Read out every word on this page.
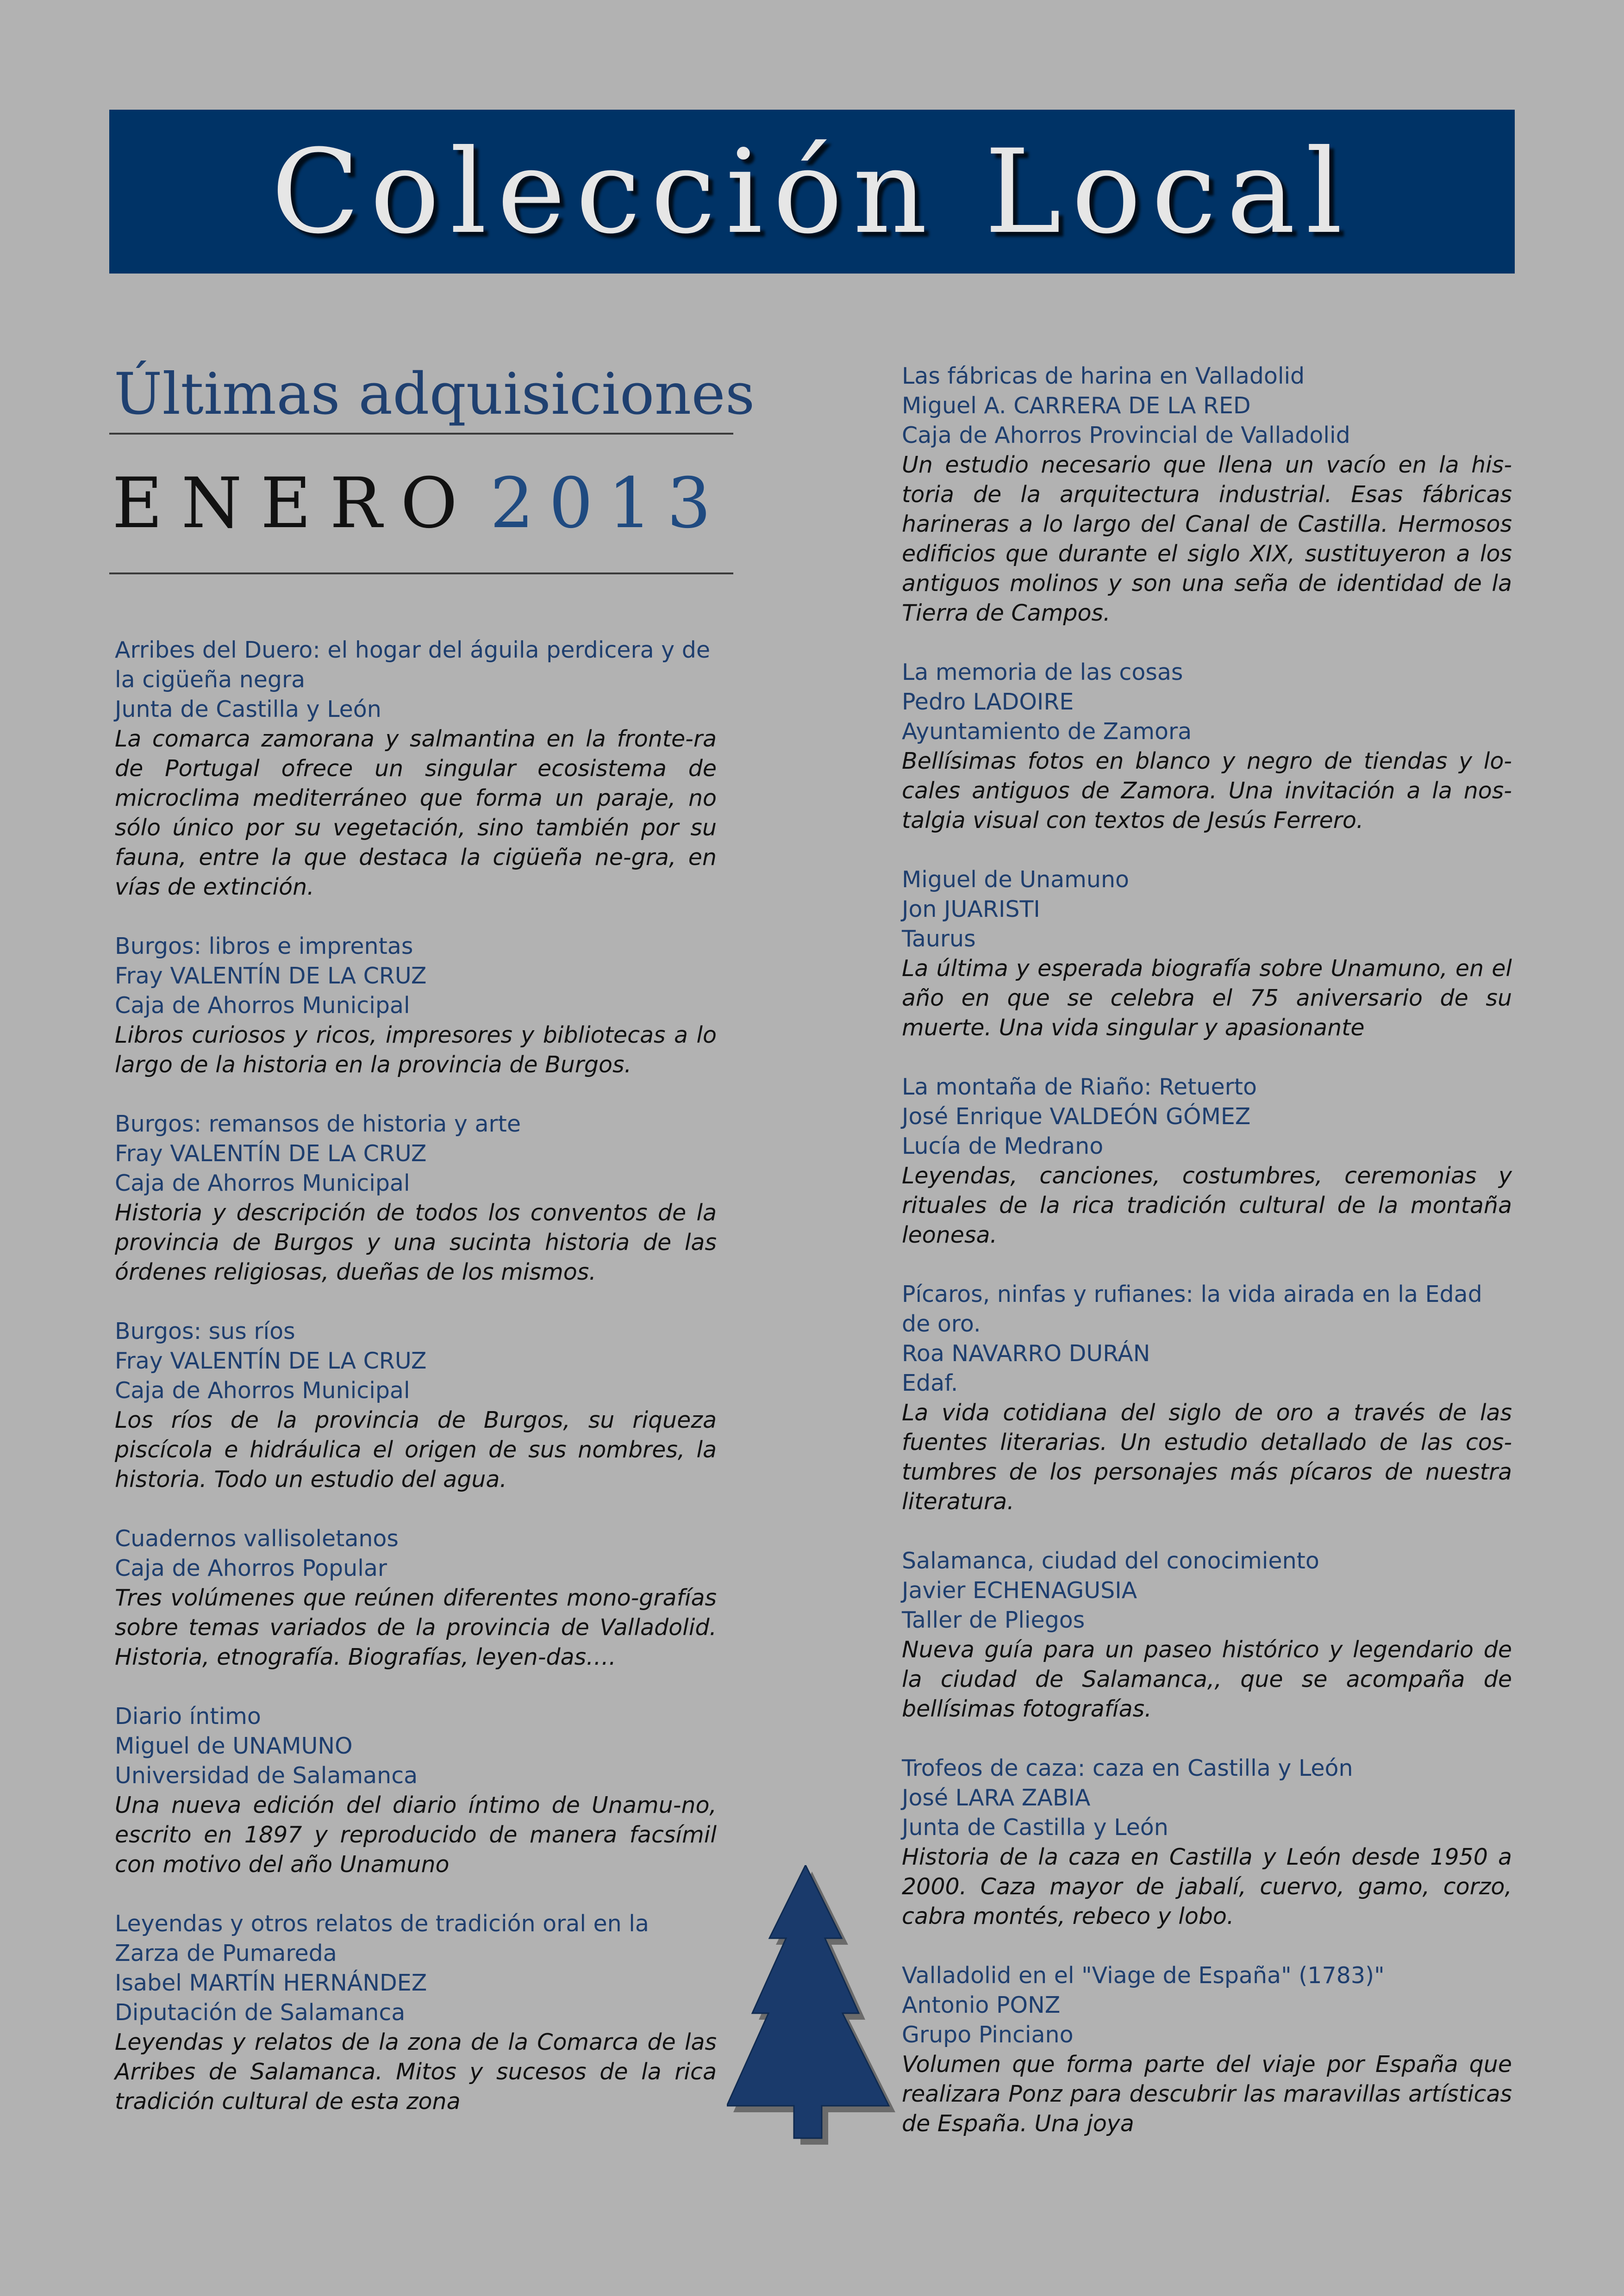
Colección Local
Últimas adquisiciones
ENERO 2013
Arribes del Duero: el hogar del águila perdicera y de la cigüeña negra
Junta de Castilla y León
La comarca zamorana y salmantina en la fronte-ra de Portugal ofrece un singular ecosistema de microclima mediterráneo que forma un paraje, no sólo único por su vegetación, sino también por su fauna, entre la que destaca la cigüeña ne-gra, en vías de extinción.
Burgos: libros e imprentas
Fray VALENTÍN DE LA CRUZ
Caja de Ahorros Municipal
Libros curiosos y ricos, impresores y bibliotecas a lo largo de la historia en la provincia de Burgos.
Burgos: remansos de historia y arte
Fray VALENTÍN DE LA CRUZ
Caja de Ahorros Municipal
Historia y descripción de todos los conventos de la provincia de Burgos y una sucinta historia de las órdenes religiosas, dueñas de los mismos.
Burgos: sus ríos
Fray VALENTÍN DE LA CRUZ
Caja de Ahorros Municipal
Los ríos de la provincia de Burgos, su riqueza piscícola e hidráulica el origen de sus nombres, la historia. Todo un estudio del agua.
Cuadernos vallisoletanos
Caja de Ahorros Popular
Tres volúmenes que reúnen diferentes mono-grafías sobre temas variados de la provincia de Valladolid. Historia, etnografía. Biografías, leyen-das….
Diario íntimo
Miguel de UNAMUNO
Universidad de Salamanca
Una nueva edición del diario íntimo de Unamu-no, escrito en 1897 y reproducido de manera facsímil con motivo del año Unamuno
Leyendas y otros relatos de tradición oral en la Zarza de Pumareda
Isabel MARTÍN HERNÁNDEZ
Diputación de Salamanca
Leyendas y relatos de la zona de la Comarca de las Arribes de Salamanca. Mitos y sucesos de la rica tradición cultural de esta zona
Las fábricas de harina en Valladolid
Miguel A. CARRERA DE LA RED
Caja de Ahorros Provincial de Valladolid
Un estudio necesario que llena un vacío en la his-toria de la arquitectura industrial. Esas fábricas harineras a lo largo del Canal de Castilla. Hermosos edificios que durante el siglo XIX, sustituyeron a los antiguos molinos y son una seña de identidad de la Tierra de Campos.
La memoria de las cosas
Pedro LADOIRE
Ayuntamiento de Zamora
Bellísimas fotos en blanco y negro de tiendas y lo-cales antiguos de Zamora. Una invitación a la nos-talgia visual con textos de Jesús Ferrero.
Miguel de Unamuno
Jon JUARISTI
Taurus
La última y esperada biografía sobre Unamuno, en el año en que se celebra el 75 aniversario de su muerte. Una vida singular y apasionante
La montaña de Riaño: Retuerto
José Enrique VALDEÓN GÓMEZ
Lucía de Medrano
Leyendas, canciones, costumbres, ceremonias y rituales de la rica tradición cultural de la montaña leonesa.
Pícaros, ninfas y rufianes: la vida airada en la Edad de oro.
Roa NAVARRO DURÁN
Edaf.
La vida cotidiana del siglo de oro a través de las fuentes literarias. Un estudio detallado de las cos-tumbres de los personajes más pícaros de nuestra literatura.
Salamanca, ciudad del conocimiento
Javier ECHENAGUSIA
Taller de Pliegos
Nueva guía para un paseo histórico y legendario de la ciudad de Salamanca,, que se acompaña de bellísimas fotografías.
Trofeos de caza: caza en Castilla y León
José LARA ZABIA
Junta de Castilla y León
Historia de la caza en Castilla y León desde 1950 a 2000. Caza mayor de jabalí, cuervo, gamo, corzo, cabra montés, rebeco y lobo.
Valladolid en el "Viage de España" (1783)"
Antonio PONZ
Grupo Pinciano
Volumen que forma parte del viaje por España que realizara Ponz para descubrir las maravillas artísticas de España. Una joya
